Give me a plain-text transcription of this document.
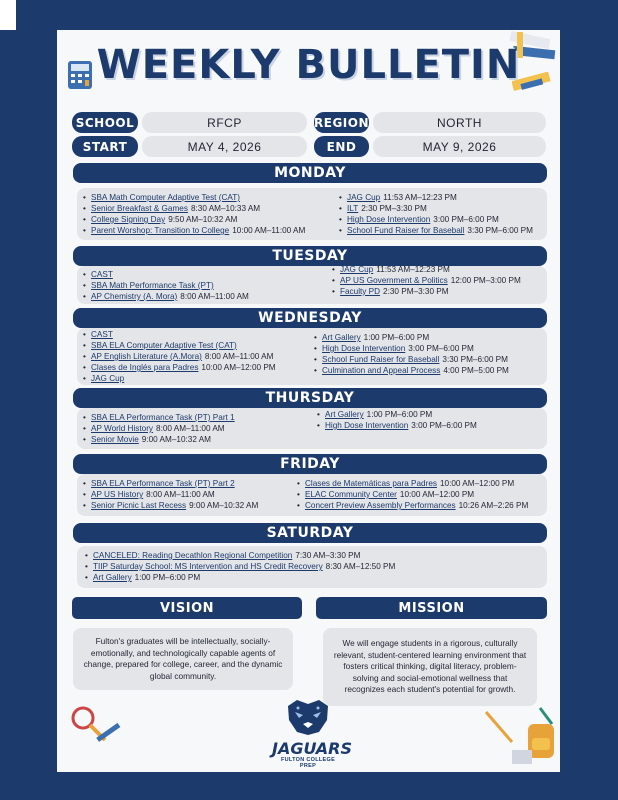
WEEKLY BULLETIN
SCHOOL	RFCP	REGION	NORTH
START	MAY 4, 2026	END	MAY 9, 2026
MONDAY
• SBA Math Computer Adaptive Test (CAT)
• Senior Breakfast & Games 8:30 AM–10:33 AM
• College Signing Day 9:50 AM–10:32 AM
• Parent Worshop: Transition to College 10:00 AM–11:00 AM
• JAG Cup 11:53 AM–12:23 PM
• ILT 2:30 PM–3:30 PM
• High Dose Intervention 3:00 PM–6:00 PM
• School Fund Raiser for Baseball 3:30 PM–6:00 PM
TUESDAY
• CAST
• SBA Math Performance Task (PT)
• AP Chemistry (A. Mora) 8:00 AM–11:00 AM
• JAG Cup 11:53 AM–12:23 PM
• AP US Government & Politics 12:00 PM–3:00 PM
• Faculty PD 2:30 PM–3:30 PM
WEDNESDAY
• CAST
• SBA ELA Computer Adaptive Test (CAT)
• AP English Literature (A.Mora) 8:00 AM–11:00 AM
• Clases de Inglés para Padres 10:00 AM–12:00 PM
• JAG Cup
• Art Gallery 1:00 PM–6:00 PM
• High Dose Intervention 3:00 PM–6:00 PM
• School Fund Raiser for Baseball 3:30 PM–6:00 PM
• Culmination and Appeal Process 4:00 PM–5:00 PM
THURSDAY
• SBA ELA Performance Task (PT) Part 1
• AP World History 8:00 AM–11:00 AM
• Senior Movie 9:00 AM–10:32 AM
• Art Gallery 1:00 PM–6:00 PM
• High Dose Intervention 3:00 PM–6:00 PM
FRIDAY
• SBA ELA Performance Task (PT) Part 2
• AP US History 8:00 AM–11:00 AM
• Senior Picnic Last Recess 9:00 AM–10:32 AM
• Clases de Matemáticas para Padres 10:00 AM–12:00 PM
• ELAC Community Center 10:00 AM–12:00 PM
• Concert Preview Assembly Performances 10:26 AM–2:26 PM
SATURDAY
• CANCELED: Reading Decathlon Regional Competition 7:30 AM–3:30 PM
• TIIP Saturday School: MS Intervention and HS Credit Recovery 8:30 AM–12:50 PM
• Art Gallery 1:00 PM–6:00 PM
VISION	MISSION
Fulton's graduates will be intellectually, socially-emotionally, and technologically capable agents of change, prepared for college, career, and the dynamic global community.
We will engage students in a rigorous, culturally relevant, student-centered learning environment that fosters critical thinking, digital literacy, problem-solving and social-emotional wellness that recognizes each student's potential for growth.
JAGUARS
FULTON COLLEGE PREP
